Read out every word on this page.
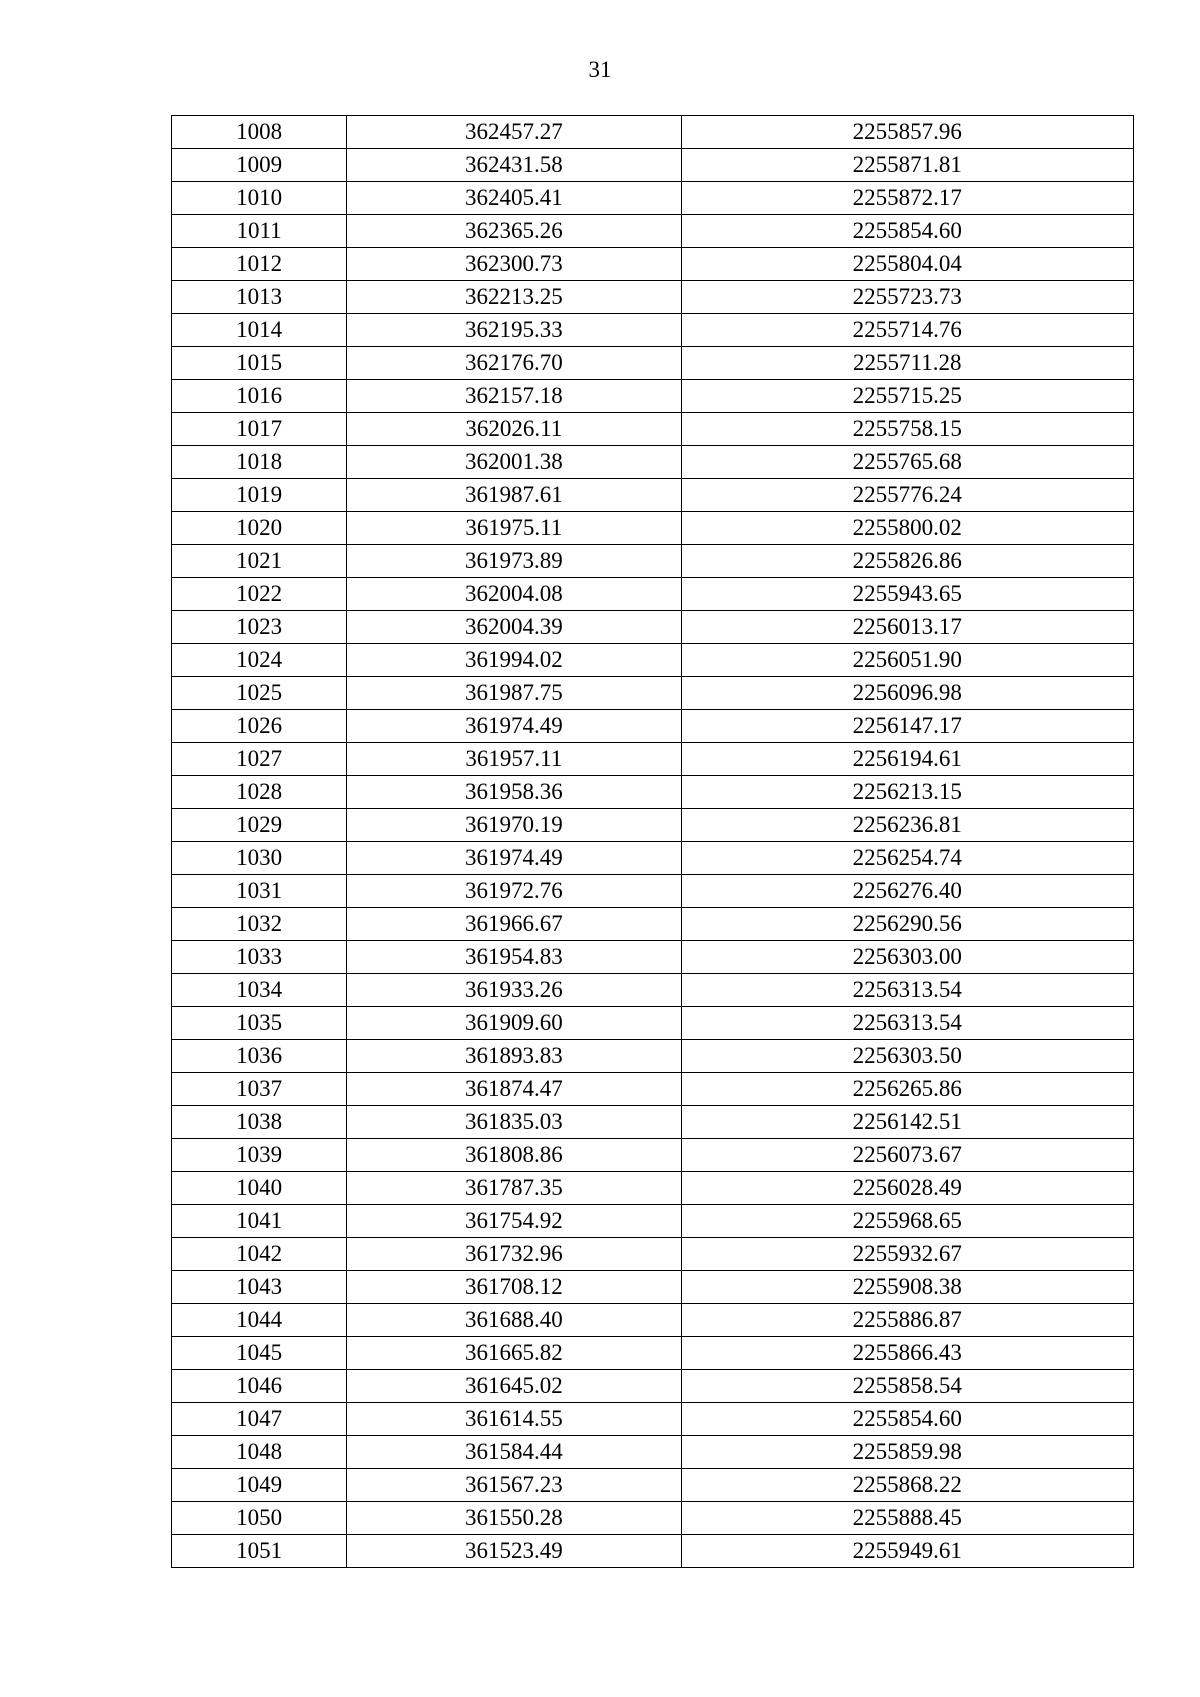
31
1008	362457.27	2255857.96
1009	362431.58	2255871.81
1010	362405.41	2255872.17
1011	362365.26	2255854.60
1012	362300.73	2255804.04
1013	362213.25	2255723.73
1014	362195.33	2255714.76
1015	362176.70	2255711.28
1016	362157.18	2255715.25
1017	362026.11	2255758.15
1018	362001.38	2255765.68
1019	361987.61	2255776.24
1020	361975.11	2255800.02
1021	361973.89	2255826.86
1022	362004.08	2255943.65
1023	362004.39	2256013.17
1024	361994.02	2256051.90
1025	361987.75	2256096.98
1026	361974.49	2256147.17
1027	361957.11	2256194.61
1028	361958.36	2256213.15
1029	361970.19	2256236.81
1030	361974.49	2256254.74
1031	361972.76	2256276.40
1032	361966.67	2256290.56
1033	361954.83	2256303.00
1034	361933.26	2256313.54
1035	361909.60	2256313.54
1036	361893.83	2256303.50
1037	361874.47	2256265.86
1038	361835.03	2256142.51
1039	361808.86	2256073.67
1040	361787.35	2256028.49
1041	361754.92	2255968.65
1042	361732.96	2255932.67
1043	361708.12	2255908.38
1044	361688.40	2255886.87
1045	361665.82	2255866.43
1046	361645.02	2255858.54
1047	361614.55	2255854.60
1048	361584.44	2255859.98
1049	361567.23	2255868.22
1050	361550.28	2255888.45
1051	361523.49	2255949.61
